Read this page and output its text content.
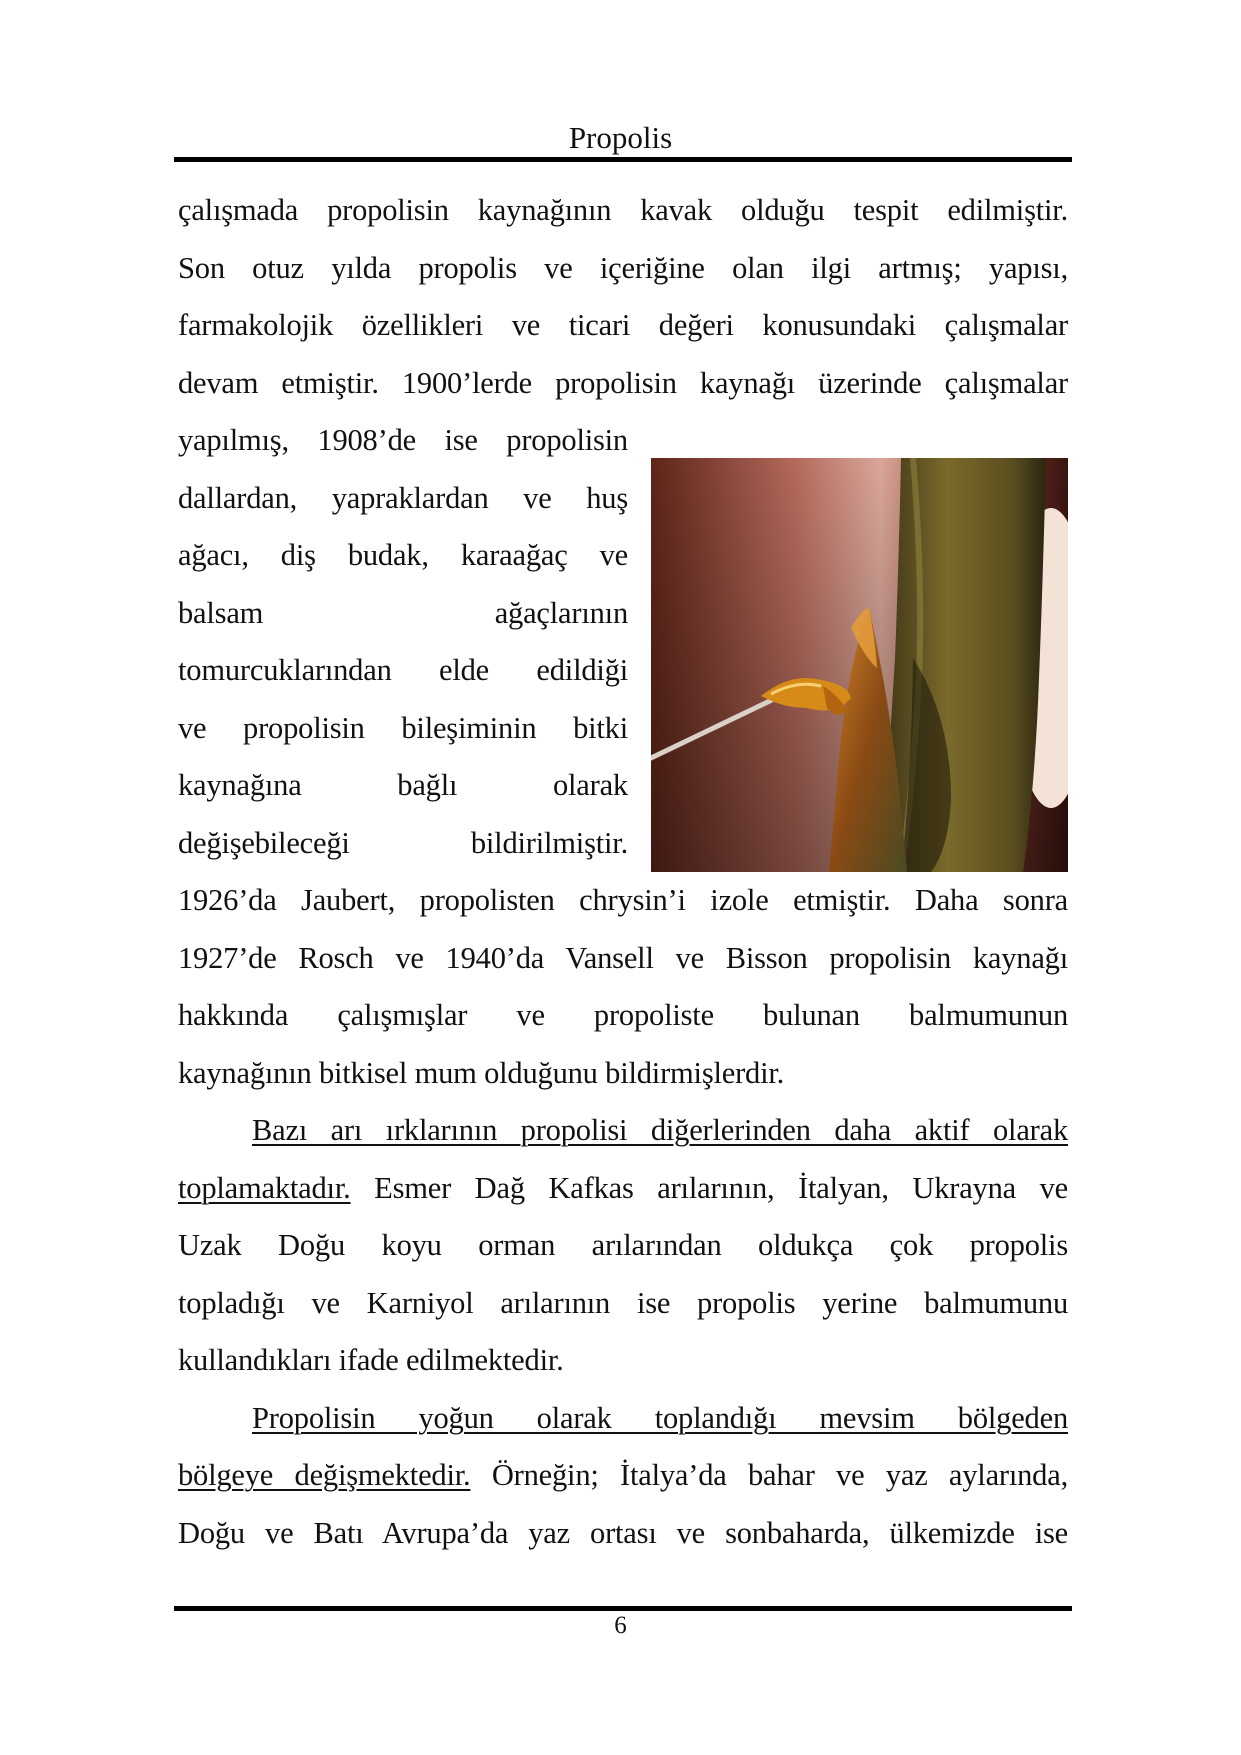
Propolis
çalışmada propolisin kaynağının kavak olduğu tespit edilmiştir.
Son otuz yılda propolis ve içeriğine olan ilgi artmış; yapısı,
farmakolojik özellikleri ve ticari değeri konusundaki çalışmalar
devam etmiştir. 1900’lerde propolisin kaynağı üzerinde çalışmalar
yapılmış, 1908’de ise propolisin
dallardan, yapraklardan ve huş
ağacı, diş budak, karaağaç ve
balsam ağaçlarının
tomurcuklarından elde edildiği
ve propolisin bileşiminin bitki
kaynağına bağlı olarak
değişebileceği bildirilmiştir.
1926’da Jaubert, propolisten chrysin’i izole etmiştir. Daha sonra
1927’de Rosch ve 1940’da Vansell ve Bisson propolisin kaynağı
hakkında çalışmışlar ve propoliste bulunan balmumunun
kaynağının bitkisel mum olduğunu bildirmişlerdir.
Bazı arı ırklarının propolisi diğerlerinden daha aktif olarak
toplamaktadır. Esmer Dağ Kafkas arılarının, İtalyan, Ukrayna ve
Uzak Doğu koyu orman arılarından oldukça çok propolis
topladığı ve Karniyol arılarının ise propolis yerine balmumunu
kullandıkları ifade edilmektedir.
Propolisin yoğun olarak toplandığı mevsim bölgeden
bölgeye değişmektedir. Örneğin; İtalya’da bahar ve yaz aylarında,
Doğu ve Batı Avrupa’da yaz ortası ve sonbaharda, ülkemizde ise
6
